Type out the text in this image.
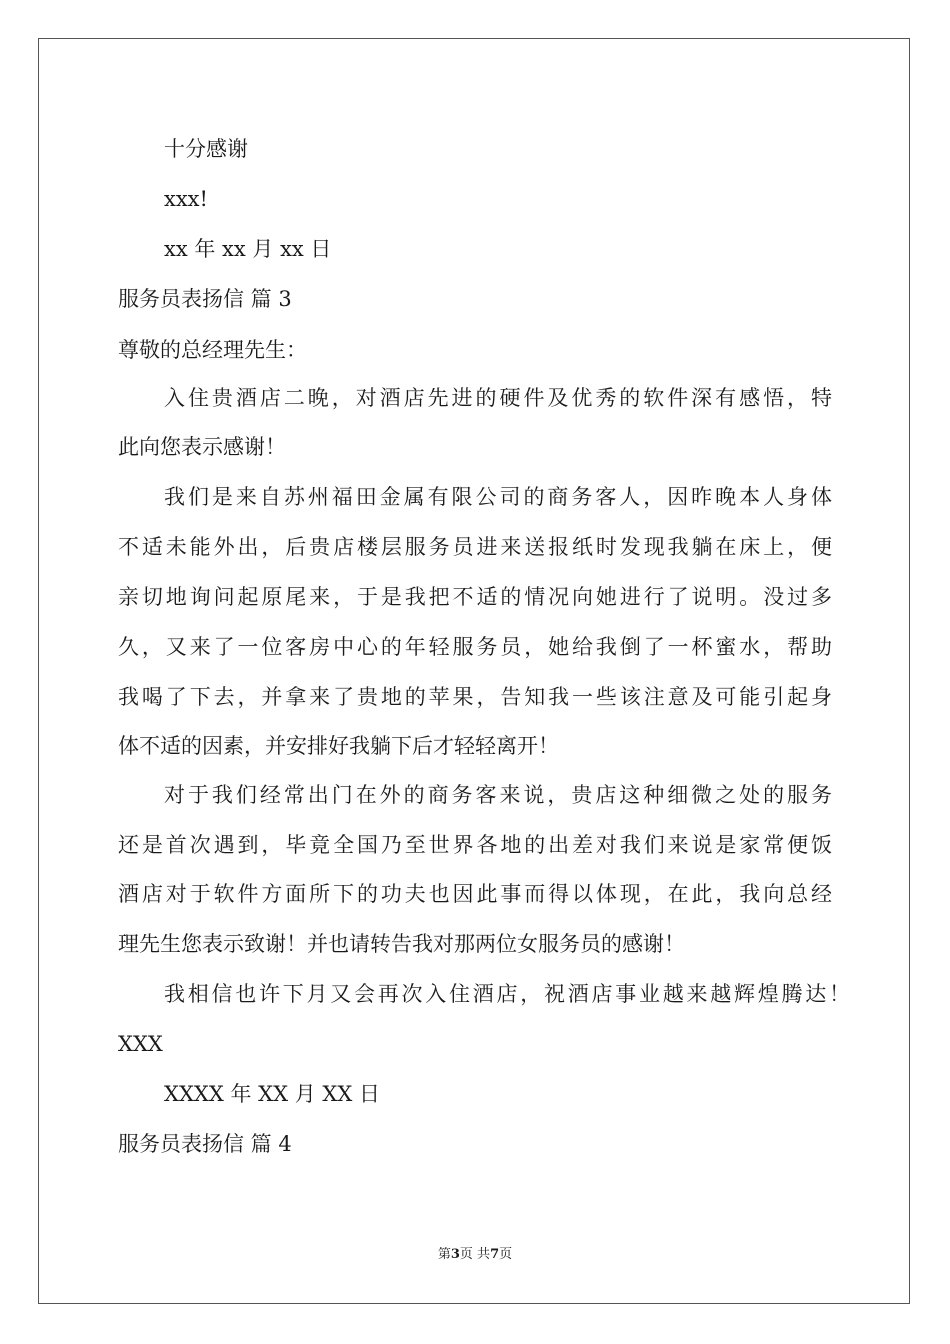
十分感谢
xxx!
xx 年 xx 月 xx 日
服务员表扬信 篇 3
尊敬的总经理先生：
入住贵酒店二晚，对酒店先进的硬件及优秀的软件深有感悟，特
此向您表示感谢！
我们是来自苏州福田金属有限公司的商务客人，因昨晚本人身体
不适未能外出，后贵店楼层服务员进来送报纸时发现我躺在床上，便
亲切地询问起原尾来，于是我把不适的情况向她进行了说明。没过多
久，又来了一位客房中心的年轻服务员，她给我倒了一杯蜜水，帮助
我喝了下去，并拿来了贵地的苹果，告知我一些该注意及可能引起身
体不适的因素，并安排好我躺下后才轻轻离开！
对于我们经常出门在外的商务客来说，贵店这种细微之处的服务
还是首次遇到，毕竟全国乃至世界各地的出差对我们来说是家常便饭
酒店对于软件方面所下的功夫也因此事而得以体现，在此，我向总经
理先生您表示致谢！并也请转告我对那两位女服务员的感谢！
我相信也许下月又会再次入住酒店，祝酒店事业越来越辉煌腾达！
XXX
XXXX 年 XX 月 XX 日
服务员表扬信 篇 4
第3页 共7页
